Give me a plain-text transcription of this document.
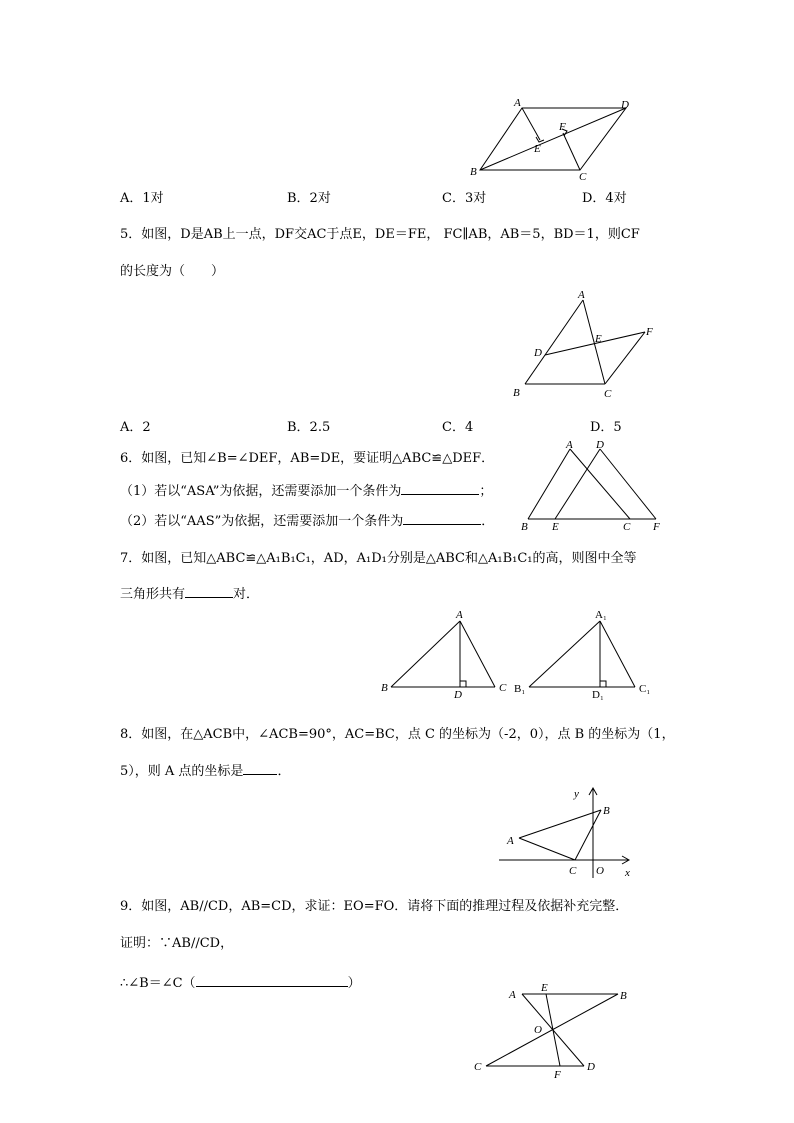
A	D
B	C
E
F
A．1对	B．2对	C．3对	D．4对
5．如图，D是AB上一点，DF交AC于点E，DE＝FE， FC∥AB，AB＝5，BD＝1，则CF
的长度为（　　）
A
D
E
F
B	C
A．2	B．2.5	C．4	D．5
6．如图，已知∠B=∠DEF，AB=DE，要证明△ABC≌△DEF．
（1）若以“ASA”为依据，还需要添加一个条件为	；
（2）若以“AAS”为依据，还需要添加一个条件为	．
A D
B E	C F
7．如图，已知△ABC≌△A₁B₁C₁，AD，A₁D₁分别是△ABC和△A₁B₁C₁的高，则图中全等
三角形共有	对．
A
B
D
C
A₁
B₁	D₁	C₁
8．如图，在△ACB中，∠ACB=90°，AC=BC，点 C 的坐标为（-2，0），点 B 的坐标为（1，
5），则 A 点的坐标是	．
y
x
A
B
C O
9．如图，AB//CD，AB=CD，求证：EO=FO．请将下面的推理过程及依据补充完整．
证明：∵AB//CD，
∴∠B＝∠C（	）
A
E
B
O
C
F
D
